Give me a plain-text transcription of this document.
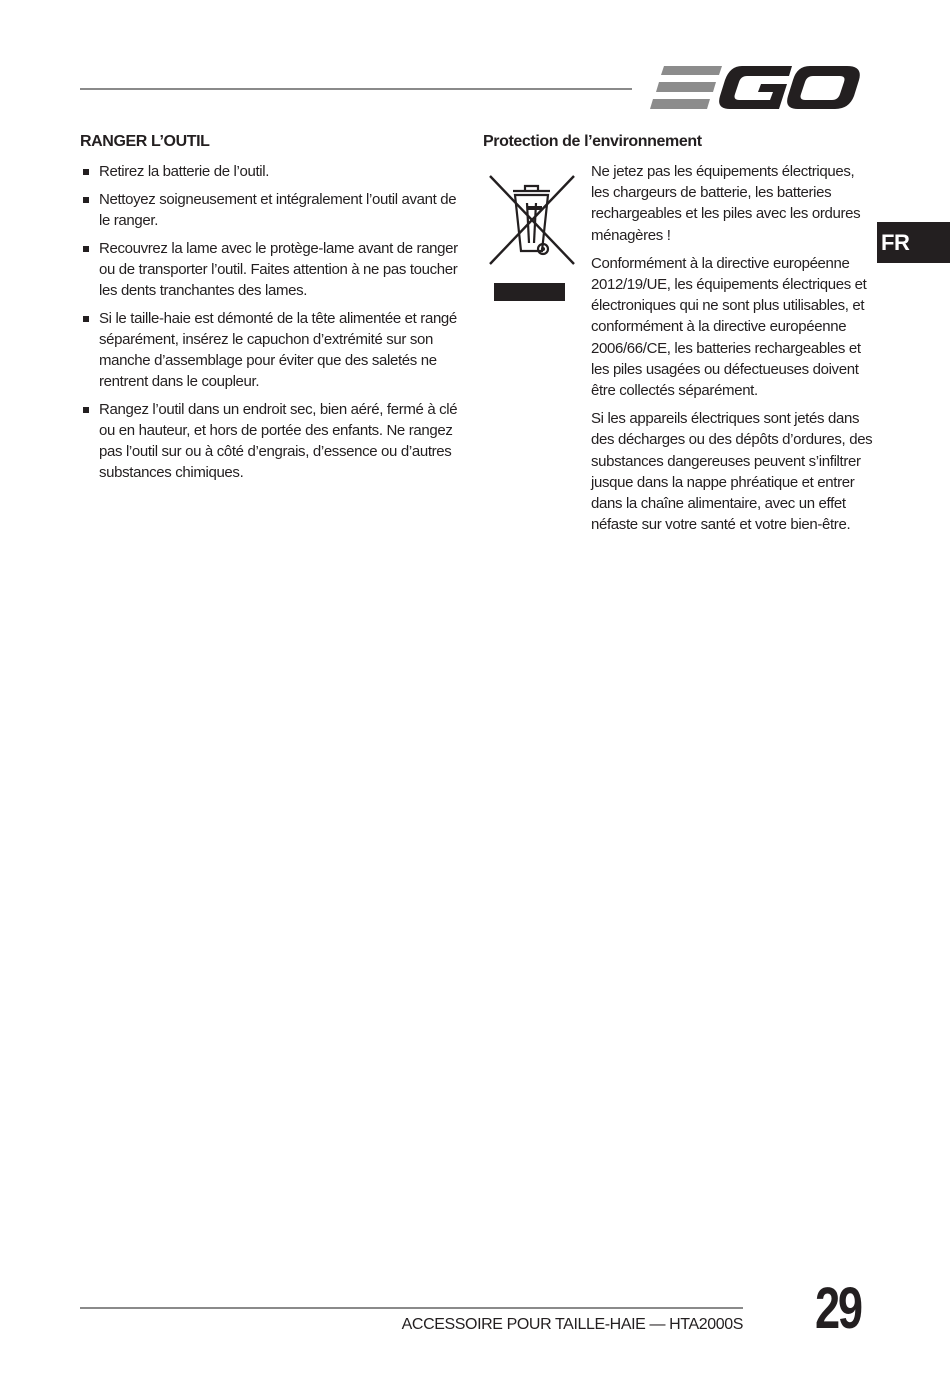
FR
RANGER L’OUTIL
Retirez la batterie de l’outil.
Nettoyez soigneusement et intégralement l’outil avant de le ranger.
Recouvrez la lame avec le protège-lame avant de ranger ou de transporter l’outil. Faites attention à ne pas toucher les dents tranchantes des lames.
Si le taille-haie est démonté de la tête alimentée et rangé séparément, insérez le capuchon d’extrémité sur son manche d’assemblage pour éviter que des saletés ne rentrent dans le coupleur.
Rangez l’outil dans un endroit sec, bien aéré, fermé à clé ou en hauteur, et hors de portée des enfants. Ne rangez pas l’outil sur ou à côté d’engrais, d’essence ou d’autres substances chimiques.
Protection de l’environnement

Ne jetez pas les équipements électriques, les chargeurs de batterie, les batteries rechargeables et les piles avec les ordures ménagères !

Conformément à la directive européenne 2012/19/UE, les équipements électriques et électroniques qui ne sont plus utilisables, et conformément à la directive européenne 2006/66/CE, les batteries rechargeables et les piles usagées ou défectueuses doivent être collectés séparément.

Si les appareils électriques sont jetés dans des décharges ou des dépôts d’ordures, des substances dangereuses peuvent s’infiltrer jusque dans la nappe phréatique et entrer dans la chaîne alimentaire, avec un effet néfaste sur votre santé et votre bien-être.

ACCESSOIRE POUR TAILLE-HAIE — HTA2000S 29
